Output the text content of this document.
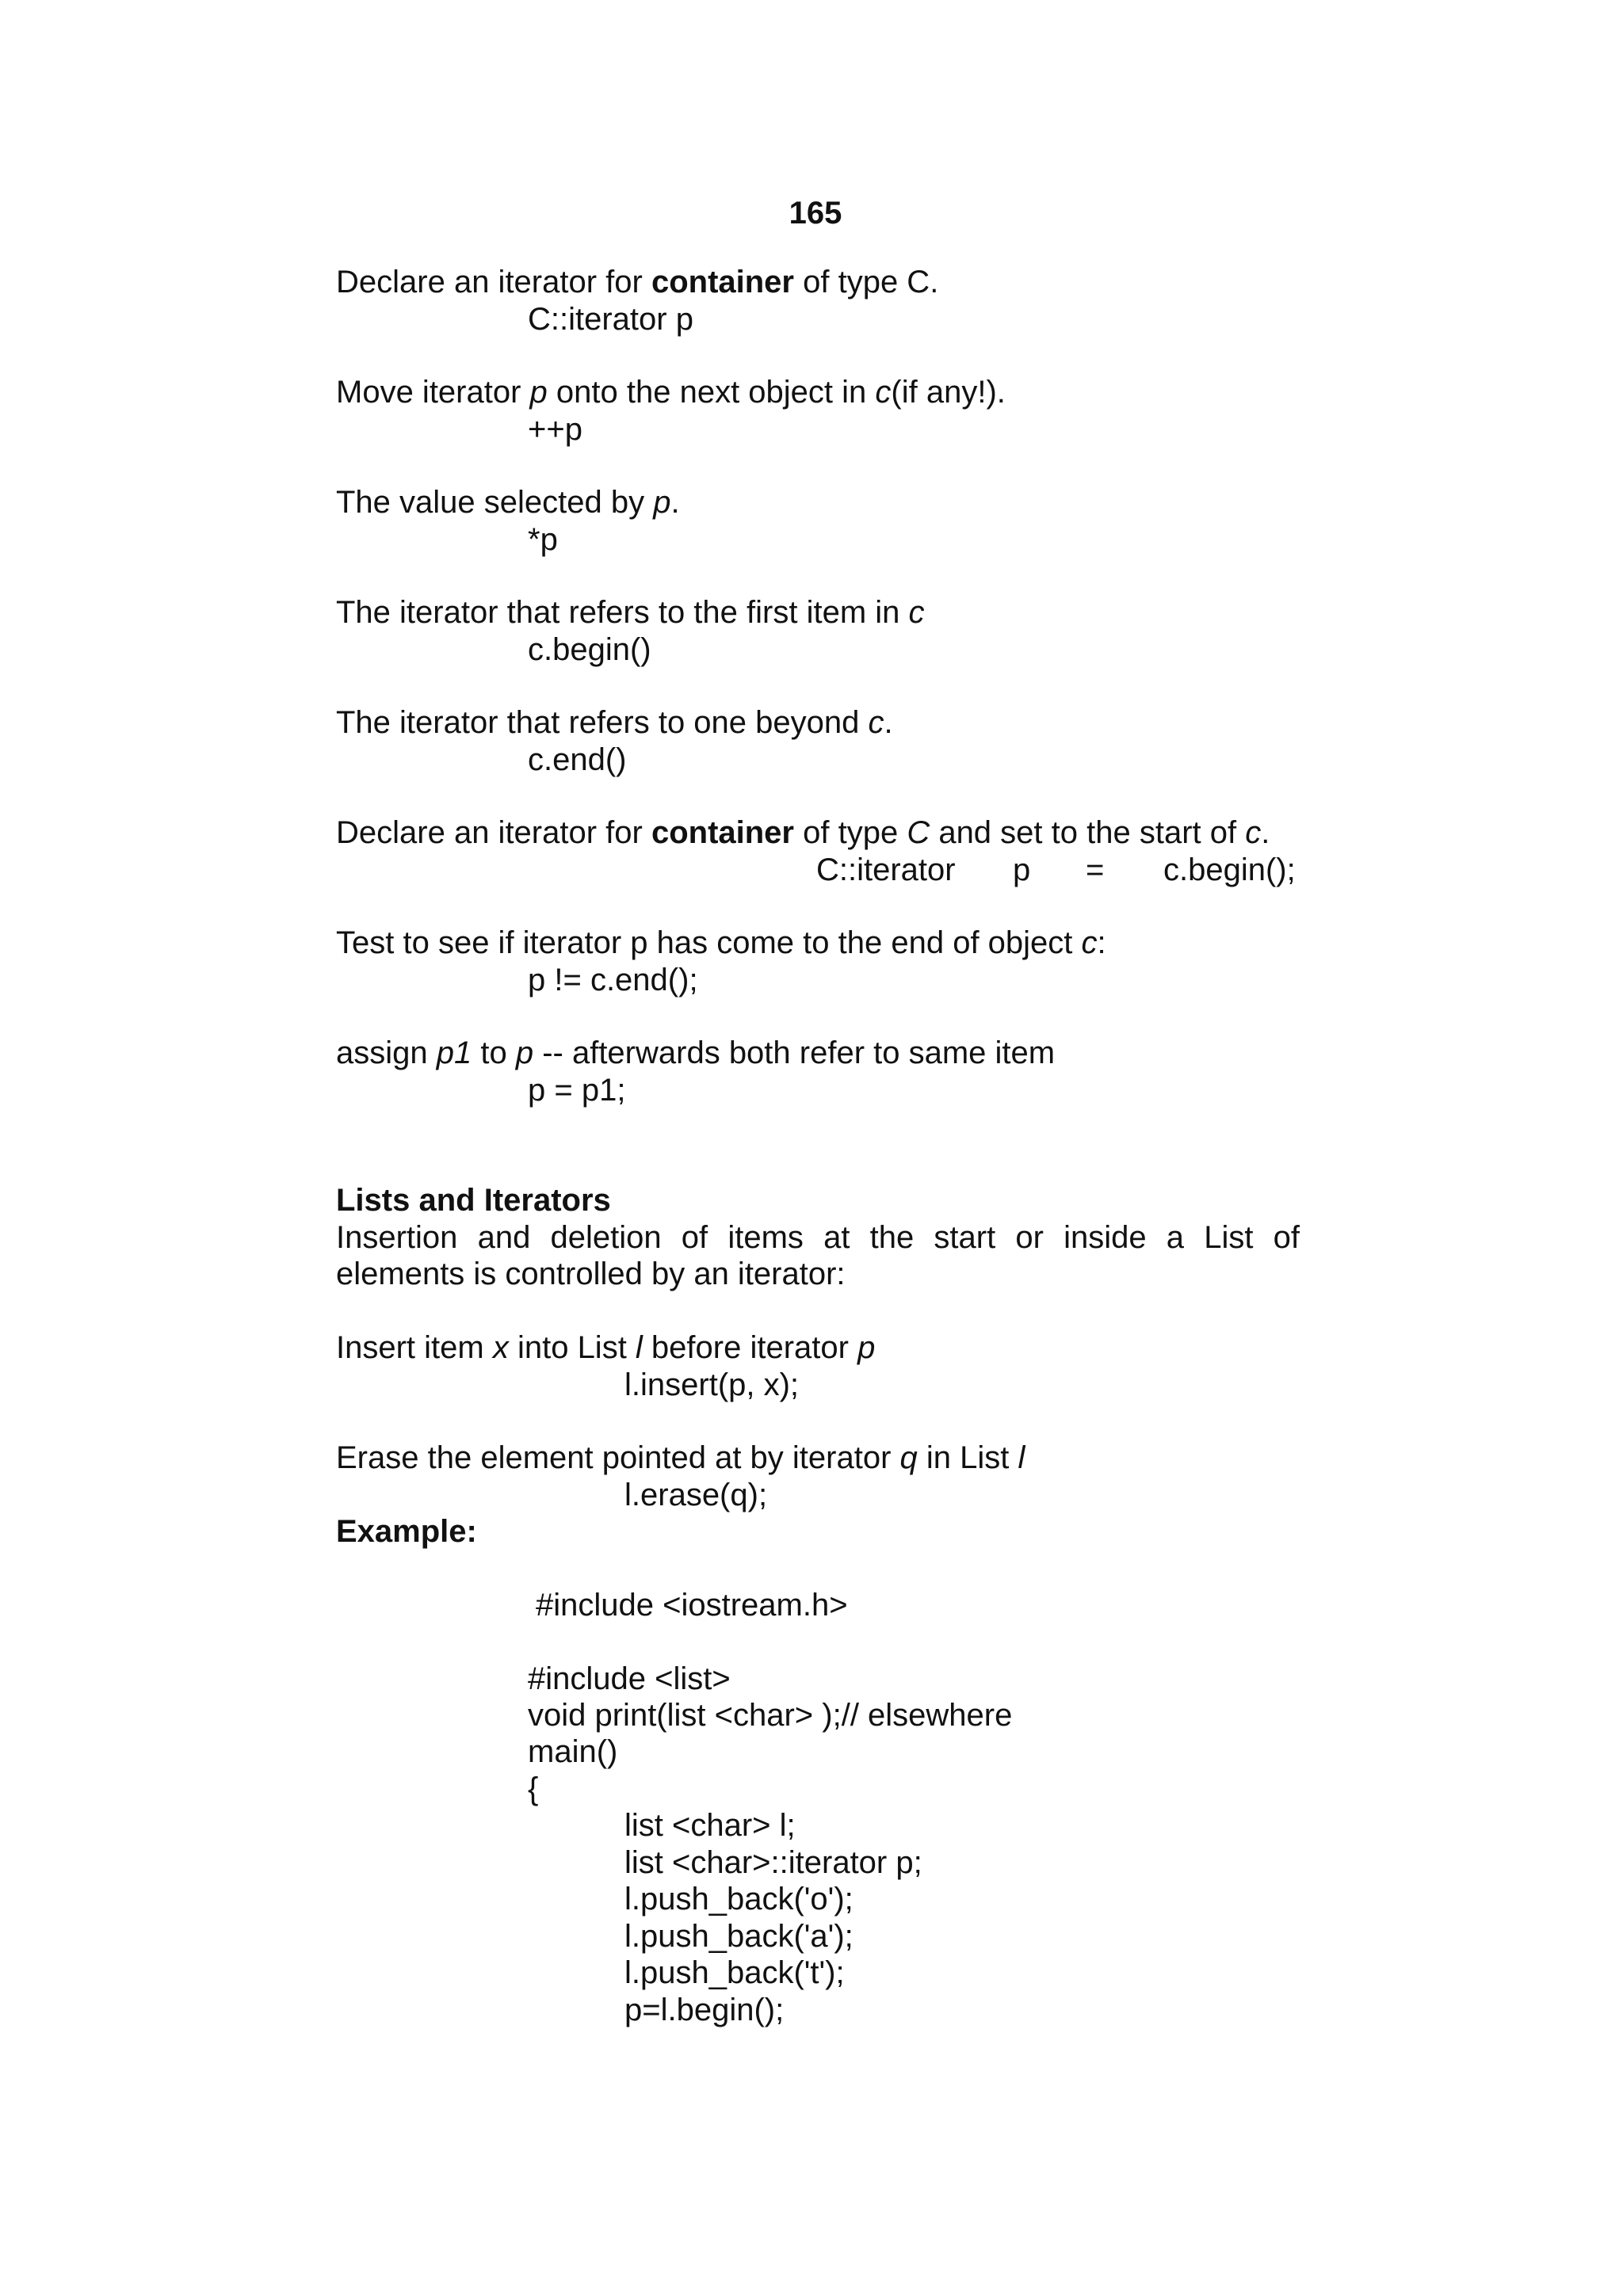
165
Declare an iterator for container of type C.
C::iterator p
Move iterator p onto the next object in c(if any!).
++p
The value selected by p.
*p
The iterator that refers to the first item in c
c.begin()
The iterator that refers to one beyond c.
c.end()
Declare an iterator for container of type C and set to the start of c.
C::iterator p = c.begin();
Test to see if iterator p has come to the end of object c:
p != c.end();
assign p1 to p -- afterwards both refer to same item
p = p1;
Lists and Iterators
Insertion and deletion of items at the start or inside a List of
elements is controlled by an iterator:
Insert item x into List l before iterator p
l.insert(p, x);
Erase the element pointed at by iterator q in List l
l.erase(q);
Example:
#include <iostream.h>
#include <list>
void print(list <char> );// elsewhere
main()
{
list <char> l;
list <char>::iterator p;
l.push_back('o');
l.push_back('a');
l.push_back('t');
p=l.begin();
